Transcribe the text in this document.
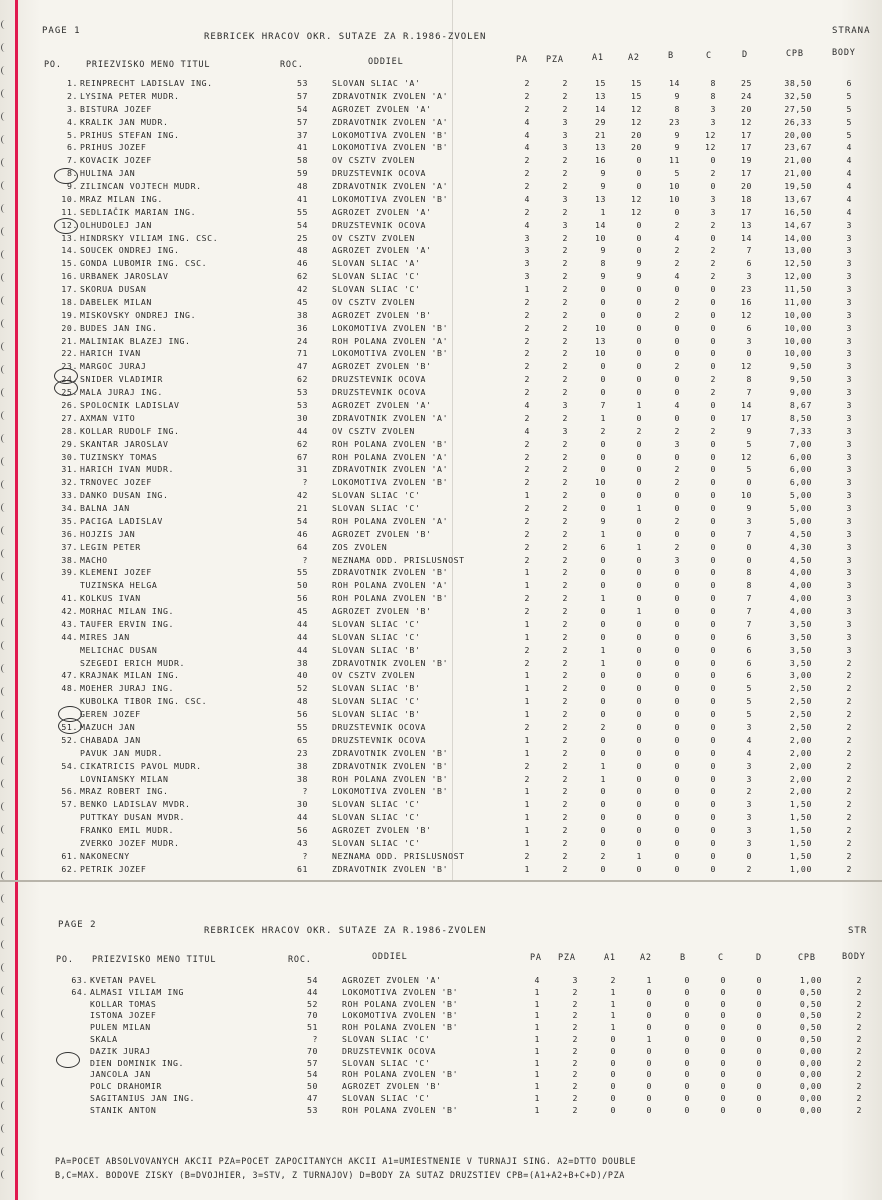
PAGE 1
REBRICEK HRACOV OKR. SUTAZE ZA R.1986-ZVOLEN
STRANA
PO.	PRIEZVISKO MENO TITUL	ROC.	ODDIEL	PA PZA	A1	A2	B	C	D	CPB	BODY
1. REINPRECHT LADISLAV ING.	53	SLOVAN SLIAC 'A'	2	2	15	15	14	8	25	38,50	6
2. LYSINA PETER MUDR.	57	ZDRAVOTNIK ZVOLEN 'A'	2	2	13	15	9	8	24	32,50	5
3. BISTURA JOZEF	54	AGROZET ZVOLEN 'A'	2	2	14	12	8	3	20	27,50	5
4. KRALIK JAN MUDR.	57	ZDRAVOTNIK ZVOLEN 'A'	4	3	29	12	23	3	12	26,33	5
5. PRIHUS STEFAN ING.	37	LOKOMOTIVA ZVOLEN 'B'	4	3	21	20	9	12	17	20,00	5
6. PRIHUS JOZEF	41	LOKOMOTIVA ZVOLEN 'B'	4	3	13	20	9	12	17	23,67	4
7. KOVACIK JOZEF	58	OV CSZTV ZVOLEN	2	2	16	0	11	0	19	21,00	4
8. HULINA JAN	59	DRUZSTEVNIK OCOVA	2	2	9	0	5	2	17	21,00	4
9. ZILINCAN VOJTECH MUDR.	48	ZDRAVOTNIK ZVOLEN 'A'	2	2	9	0	10	0	20	19,50	4
10. MRAZ MILAN ING.	41	LOKOMOTIVA ZVOLEN 'B'	4	3	13	12	10	3	18	13,67	4
11. SEDLIAČIK MARIAN ING.	55	AGROZET ZVOLEN 'A'	2	2	1	12	0	3	17	16,50	4
12. OLHUDOLEJ JAN	54	DRUZSTEVNIK OCOVA	4	3	14	0	2	2	13	14,67	3
13. HINDRSKY VILIAM ING. CSC.	25	OV CSZTV ZVOLEN	3	2	10	0	4	0	14	14,00	3
14. SOUCEK ONDREJ ING.	48	AGROZET ZVOLEN 'A'	3	2	9	0	2	2	7	13,00	3
15. GONDA LUBOMIR ING. CSC.	46	SLOVAN SLIAC 'A'	3	2	8	9	2	2	6	12,50	3
16. URBANEK JAROSLAV	62	SLOVAN SLIAC 'C'	3	2	9	9	4	2	3	12,00	3
17. SKORUA DUSAN	42	SLOVAN SLIAC 'C'	1	2	0	0	0	0	23	11,50	3
18. DABELEK MILAN	45	OV CSZTV ZVOLEN	2	2	0	0	2	0	16	11,00	3
19. MISKOVSKY ONDREJ ING.	38	AGROZET ZVOLEN 'B'	2	2	0	0	2	0	12	10,00	3
20. BUDES JAN ING.	36	LOKOMOTIVA ZVOLEN 'B'	2	2	10	0	0	0	6	10,00	3
21. MALINIAK BLAZEJ ING.	24	ROH POLANA ZVOLEN 'A'	2	2	13	0	0	0	3	10,00	3
22. HARICH IVAN	71	LOKOMOTIVA ZVOLEN 'B'	2	2	10	0	0	0	0	10,00	3
23. MARGOC JURAJ	47	AGROZET ZVOLEN 'B'	2	2	0	0	2	0	12	9,50	3
24. SNIDER VLADIMIR	62	DRUZSTEVNIK OCOVA	2	2	0	0	0	2	8	9,50	3
25. MALA JURAJ ING.	53	DRUZSTEVNIK OCOVA	2	2	0	0	0	2	7	9,00	3
26. SPOLOCNIK LADISLAV	53	AGROZET ZVOLEN 'A'	4	3	7	1	4	0	14	8,67	3
27. AXMAN VITO	30	ZDRAVOTNIK ZVOLEN 'A'	2	2	1	0	0	0	17	8,50	3
28. KOLLAR RUDOLF ING.	44	OV CSZTV ZVOLEN	4	3	2	2	2	2	9	7,33	3
29. SKANTAR JAROSLAV	62	ROH POLANA ZVOLEN 'B'	2	2	0	0	3	0	5	7,00	3
30. TUZINSKY TOMAS	67	ROH POLANA ZVOLEN 'A'	2	2	0	0	0	0	12	6,00	3
31. HARICH IVAN MUDR.	31	ZDRAVOTNIK ZVOLEN 'A'	2	2	0	0	2	0	5	6,00	3
32. TRNOVEC JOZEF	?	LOKOMOTIVA ZVOLEN 'B'	2	2	10	0	2	0	0	6,00	3
33. DANKO DUSAN ING.	42	SLOVAN SLIAC 'C'	1	2	0	0	0	0	10	5,00	3
34. BALNA JAN	21	SLOVAN SLIAC 'C'	2	2	0	1	0	0	9	5,00	3
35. PACIGA LADISLAV	54	ROH POLANA ZVOLEN 'A'	2	2	9	0	2	0	3	5,00	3
36. HOJZIS JAN	46	AGROZET ZVOLEN 'B'	2	2	1	0	0	0	7	4,50	3
37. LEGIN PETER	64	ZOS ZVOLEN	2	2	6	1	2	0	0	4,30	3
38. MACHO	?	NEZNAMA ODD. PRISLUSNOST	2	2	0	0	3	0	0	4,50	3
39. KLEMENI JOZEF	55	ZDRAVOTNIK ZVOLEN 'B'	1	2	0	0	0	0	8	4,00	3
TUZINSKA HELGA	50	ROH POLANA ZVOLEN 'A'	1	2	0	0	0	0	8	4,00	3
41. KOLKUS IVAN	56	ROH POLANA ZVOLEN 'B'	2	2	1	0	0	0	7	4,00	3
42. MORHAC MILAN ING.	45	AGROZET ZVOLEN 'B'	2	2	0	1	0	0	7	4,00	3
43. TAUFER ERVIN ING.	44	SLOVAN SLIAC 'C'	1	2	0	0	0	0	7	3,50	3
44. MIRES JAN	44	SLOVAN SLIAC 'C'	1	2	0	0	0	0	6	3,50	3
MELICHAC DUSAN	44	SLOVAN SLIAC 'B'	2	2	1	0	0	0	6	3,50	3
SZEGEDI ERICH MUDR.	38	ZDRAVOTNIK ZVOLEN 'B'	2	2	1	0	0	0	6	3,50	2
47. KRAJNAK MILAN ING.	40	OV CSZTV ZVOLEN	1	2	0	0	0	0	6	3,00	2
48. MOEHER JURAJ ING.	52	SLOVAN SLIAC 'B'	1	2	0	0	0	0	5	2,50	2
KUBOLKA TIBOR ING. CSC.	48	SLOVAN SLIAC 'C'	1	2	0	0	0	0	5	2,50	2
GEREN JOZEF	56	SLOVAN SLIAC 'B'	1	2	0	0	0	0	5	2,50	2
51. MAZUCH JAN	55	DRUZSTEVNIK OCOVA	2	2	2	0	0	0	3	2,50	2
52. CHABADA JAN	65	DRUZSTEVNIK OCOVA	1	2	0	0	0	0	4	2,00	2
PAVUK JAN MUDR.	23	ZDRAVOTNIK ZVOLEN 'B'	1	2	0	0	0	0	4	2,00	2
54. CIKATRICIS PAVOL MUDR.	38	ZDRAVOTNIK ZVOLEN 'B'	2	2	1	0	0	0	3	2,00	2
LOVNIANSKY MILAN	38	ROH POLANA ZVOLEN 'B'	2	2	1	0	0	0	3	2,00	2
56. MRAZ ROBERT ING.	?	LOKOMOTIVA ZVOLEN 'B'	1	2	0	0	0	0	2	2,00	2
57. BENKO LADISLAV MVDR.	30	SLOVAN SLIAC 'C'	1	2	0	0	0	0	3	1,50	2
PUTTKAY DUSAN MVDR.	44	SLOVAN SLIAC 'C'	1	2	0	0	0	0	3	1,50	2
FRANKO EMIL MUDR.	56	AGROZET ZVOLEN 'B'	1	2	0	0	0	0	3	1,50	2
ZVERKO JOZEF MUDR.	43	SLOVAN SLIAC 'C'	1	2	0	0	0	0	3	1,50	2
61. NAKONECNY	?	NEZNAMA ODD. PRISLUSNOST	2	2	2	1	0	0	0	1,50	2
62. PETRIK JOZEF	61	ZDRAVOTNIK ZVOLEN 'B'	1	2	0	0	0	0	2	1,00	2
PAGE 2
REBRICEK HRACOV OKR. SUTAZE ZA R.1986-ZVOLEN	STR
PO. PRIEZVISKO MENO TITUL	ROC.	ODDIEL	PA PZA	A1	A2	B	C	D	CPB	BODY
63. KVETAN PAVEL	54	AGROZET ZVOLEN 'A'	4	3	2	1	0	0	0	1,00	2
64. ALMASI VILIAM ING	44	LOKOMOTIVA ZVOLEN 'B'	1	2	1	0	0	0	0	0,50	2
KOLLAR TOMAS	52	ROH POLANA ZVOLEN 'B'	1	2	1	0	0	0	0	0,50	2
ISTONA JOZEF	70	LOKOMOTIVA ZVOLEN 'B'	1	2	1	0	0	0	0	0,50	2
PULEN MILAN	51	ROH POLANA ZVOLEN 'B'	1	2	1	0	0	0	0	0,50	2
SKALA	?	SLOVAN SLIAC 'C'	1	2	0	1	0	0	0	0,50	2
DAZIK JURAJ	70	DRUZSTEVNIK OCOVA	1	2	0	0	0	0	0	0,00	2
DIEN DOMINIK ING.	57	SLOVAN SLIAC 'C'	1	2	0	0	0	0	0	0,00	2
JANCOLA JAN	54	ROH POLANA ZVOLEN 'B'	1	2	0	0	0	0	0	0,00	2
POLC DRAHOMIR	50	AGROZET ZVOLEN 'B'	1	2	0	0	0	0	0	0,00	2
SAGITANIUS JAN ING.	47	SLOVAN SLIAC 'C'	1	2	0	0	0	0	0	0,00	2
STANIK ANTON	53	ROH POLANA ZVOLEN 'B'	1	2	0	0	0	0	0	0,00	2
PA=POCET ABSOLVOVANYCH AKCII PZA=POCET ZAPOCITANYCH AKCII A1=UMIESTNENIE V TURNAJI SING. A2=DTTO DOUBLE
B,C=MAX. BODOVE ZISKY (B=DVOJHIER, 3=STV, Z TURNAJOV) D=BODY ZA SUTAZ DRUZSTIEV CPB=(A1+A2+B+C+D)/PZA
